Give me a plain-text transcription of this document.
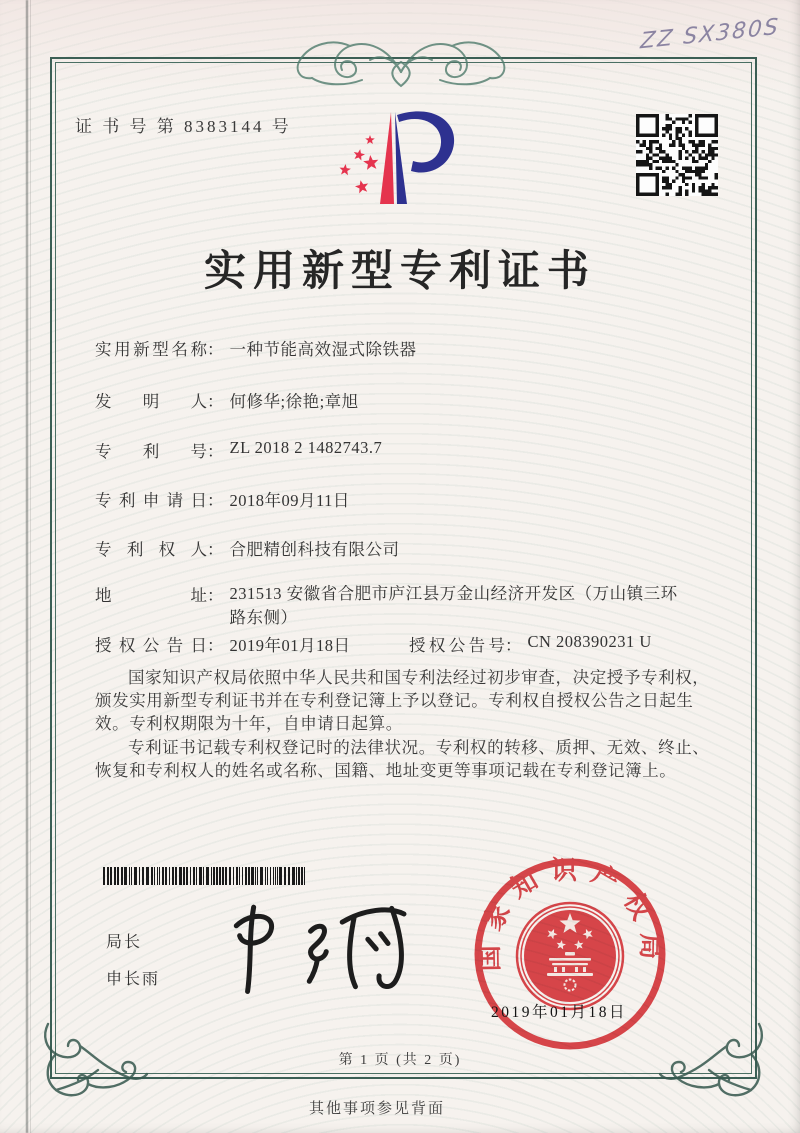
ZZ SX380S
证 书 号 第 8383144 号
实用新型专利证书
实用新型名称： 一种节能高效湿式除铁器
发明人： 何修华;徐艳;章旭
专利号： ZL 2018 2 1482743.7
专利申请日： 2018年09月11日
专利权人： 合肥精创科技有限公司
地址： 231513 安徽省合肥市庐江县万金山经济开发区（万山镇三环路东侧）
授权公告日： 2019年01月18日	授权公告号： CN 208390231 U

国家知识产权局依照中华人民共和国专利法经过初步审查，决定授予专利权，颁发实用新型专利证书并在专利登记簿上予以登记。专利权自授权公告之日起生效。专利权期限为十年，自申请日起算。

专利证书记载专利权登记时的法律状况。专利权的转移、质押、无效、终止、恢复和专利权人的姓名或名称、国籍、地址变更等事项记载在专利登记簿上。

局长
申长雨
国家知识产权局
2019年01月18日
第 1 页 (共 2 页)
其他事项参见背面
